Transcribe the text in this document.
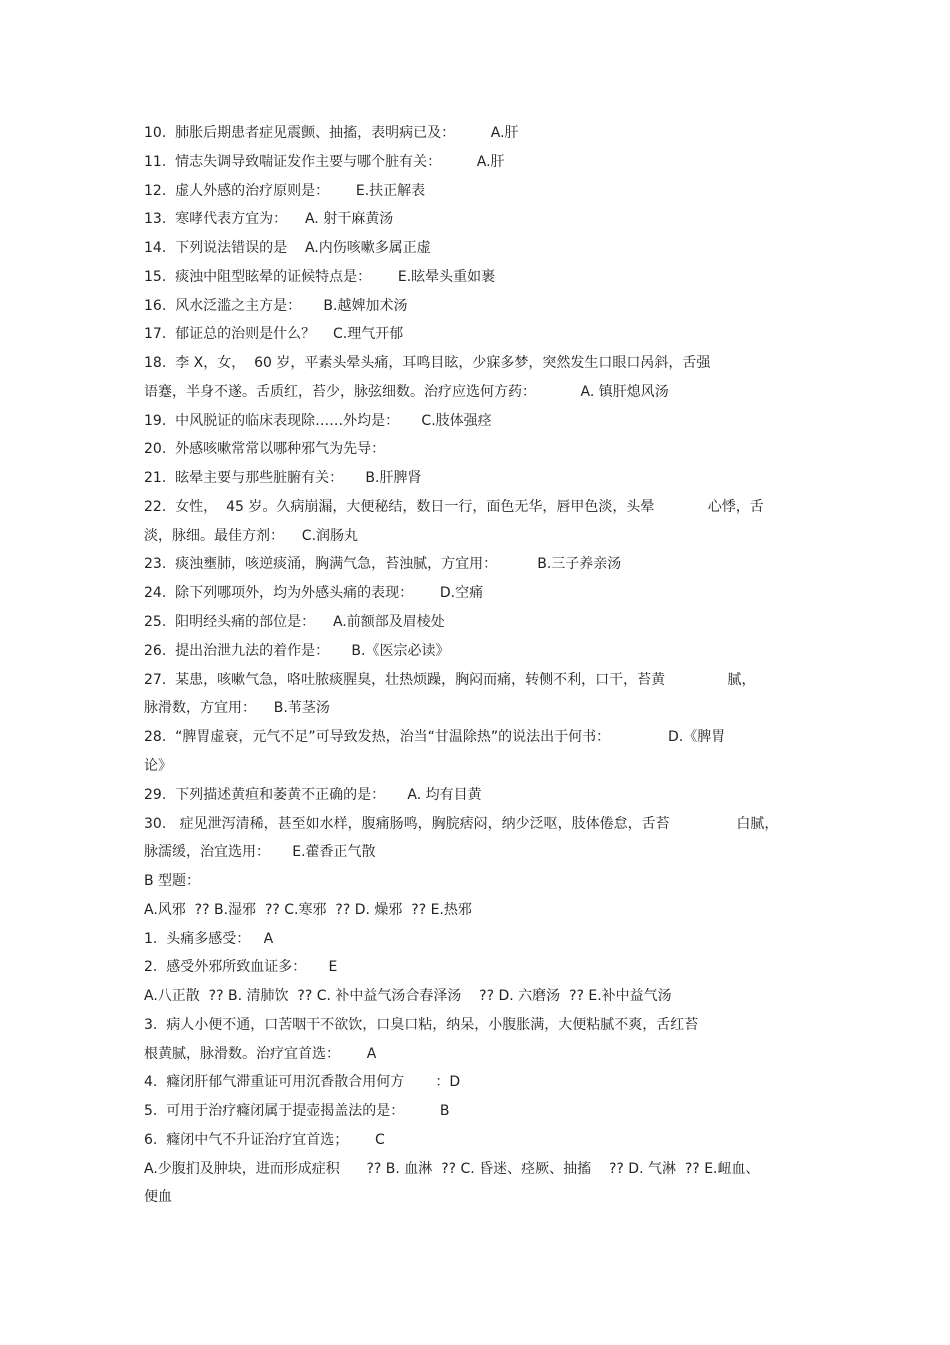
10.  肺胀后期患者症见震颤、抽搐，表明病已及：        A.肝

11.  情志失调导致喘证发作主要与哪个脏有关：        A.肝

12.  虚人外感的治疗原则是：      E.扶正解表

13.  寒哮代表方宜为：    A. 射干麻黄汤

14.  下列说法错误的是    A.内伤咳嗽多属正虚

15.  痰浊中阻型眩晕的证候特点是：      E.眩晕头重如裹

16.  风水泛滥之主方是：     B.越婢加术汤

17.  郁证总的治则是什么？    C.理气开郁

18.  李 X，女，  60 岁，平素头晕头痛，耳鸣目眩，少寐多梦，突然发生口眼口呙斜，舌强

语蹇，半身不遂。舌质红，苔少，脉弦细数。治疗应选何方药：          A. 镇肝熄风汤

19.  中风脱证的临床表现除……外均是：     C.肢体强痉

20.  外感咳嗽常常以哪种邪气为先导：

21.  眩晕主要与那些脏腑有关：     B.肝脾肾

22.  女性，  45 岁。久病崩漏，大便秘结，数日一行，面色无华，唇甲色淡，头晕            心悸，舌

淡，脉细。最佳方剂：    C.润肠丸

23.  痰浊壅肺，咳逆痰涌，胸满气急，苔浊腻，方宜用：         B.三子养亲汤

24.  除下列哪项外，均为外感头痛的表现：      D.空痛

25.  阳明经头痛的部位是：    A.前额部及眉棱处

26.  提出治泄九法的着作是：     B.《医宗必读》

27.  某患，咳嗽气急，咯吐脓痰腥臭，壮热烦躁，胸闷而痛，转侧不利，口干，苔黄              腻，

脉滑数，方宜用：    B.苇茎汤

28.  “脾胃虚衰，元气不足”可导致发热，治当“甘温除热”的说法出于何书：             D.《脾胃

论》

29.  下列描述黄疸和萎黄不正确的是：     A. 均有目黄

30.   症见泄泻清稀，甚至如水样，腹痛肠鸣，胸脘痞闷，纳少泛呕，肢体倦怠，舌苔               白腻，

脉濡缓，治宜选用：     E.藿香正气散

B 型题：

A.风邪  ?? B.湿邪  ?? C.寒邪  ?? D. 燥邪  ?? E.热邪

1.  头痛多感受：   A

2.  感受外邪所致血证多：     E

A.八正散  ?? B. 清肺饮  ?? C. 补中益气汤合春泽汤    ?? D. 六磨汤  ?? E.补中益气汤

3.  病人小便不通，口苦咽干不欲饮，口臭口粘，纳呆，小腹胀满，大便粘腻不爽，舌红苔

根黄腻，脉滑数。治疗宜首选：      A

4.  癃闭肝郁气滞重证可用沉香散合用何方       ：D

5.  可用于治疗癃闭属于提壶揭盖法的是：        B

6.  癃闭中气不升证治疗宜首选；      C

A.少腹扪及肿块，进而形成症积      ?? B. 血淋  ?? C. 昏迷、痉厥、抽搐    ?? D. 气淋  ?? E.衄血、

便血
